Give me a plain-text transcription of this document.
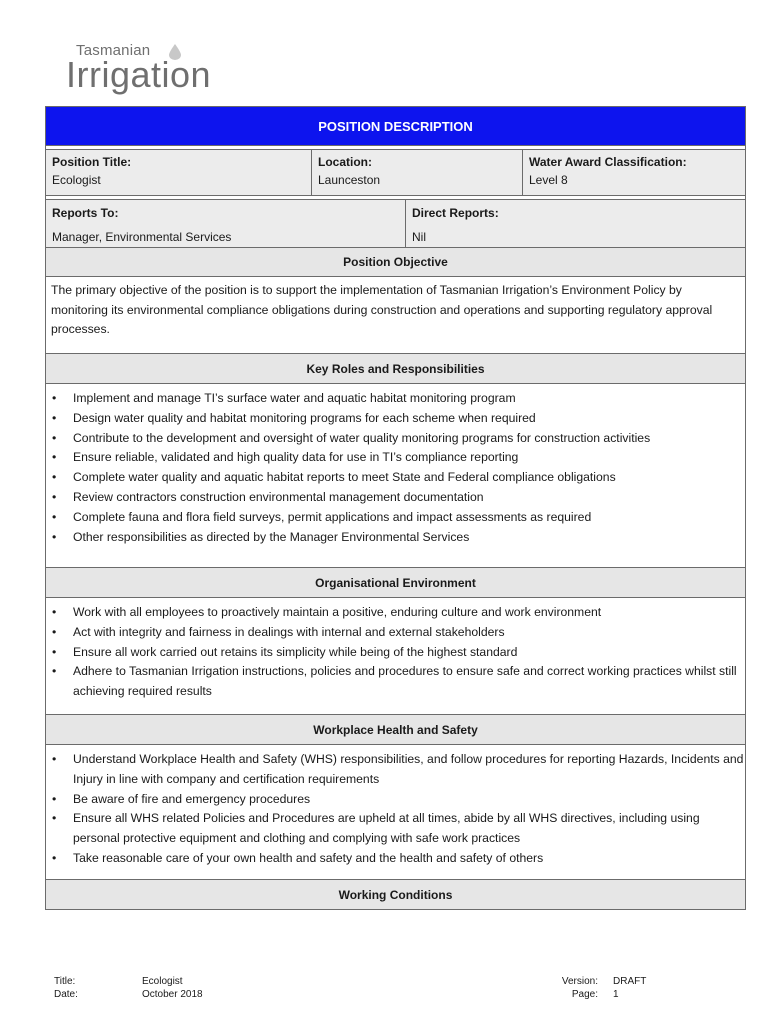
Tasmanian
Irrigation
POSITION DESCRIPTION
Position Title:
Ecologist
Location:
Launceston
Water Award Classification:
Level 8
Reports To:
Manager, Environmental Services
Direct Reports:
Nil
Position Objective
The primary objective of the position is to support the implementation of Tasmanian Irrigation’s Environment Policy by monitoring its environmental compliance obligations during construction and operations and supporting regulatory approval processes.
Key Roles and Responsibilities
• Implement and manage TI’s surface water and aquatic habitat monitoring program
• Design water quality and habitat monitoring programs for each scheme when required
• Contribute to the development and oversight of water quality monitoring programs for construction activities
• Ensure reliable, validated and high quality data for use in TI’s compliance reporting
• Complete water quality and aquatic habitat reports to meet State and Federal compliance obligations
• Review contractors construction environmental management documentation
• Complete fauna and flora field surveys, permit applications and impact assessments as required
• Other responsibilities as directed by the Manager Environmental Services
Organisational Environment
• Work with all employees to proactively maintain a positive, enduring culture and work environment
• Act with integrity and fairness in dealings with internal and external stakeholders
• Ensure all work carried out retains its simplicity while being of the highest standard
• Adhere to Tasmanian Irrigation instructions, policies and procedures to ensure safe and correct working practices whilst still achieving required results
Workplace Health and Safety
• Understand Workplace Health and Safety (WHS) responsibilities, and follow procedures for reporting Hazards, Incidents and Injury in line with company and certification requirements
• Be aware of fire and emergency procedures
• Ensure all WHS related Policies and Procedures are upheld at all times, abide by all WHS directives, including using personal protective equipment and clothing and complying with safe work practices
• Take reasonable care of your own health and safety and the health and safety of others
Working Conditions
Title:
Date:
Ecologist
October 2018
Version:
Page:
DRAFT
1
